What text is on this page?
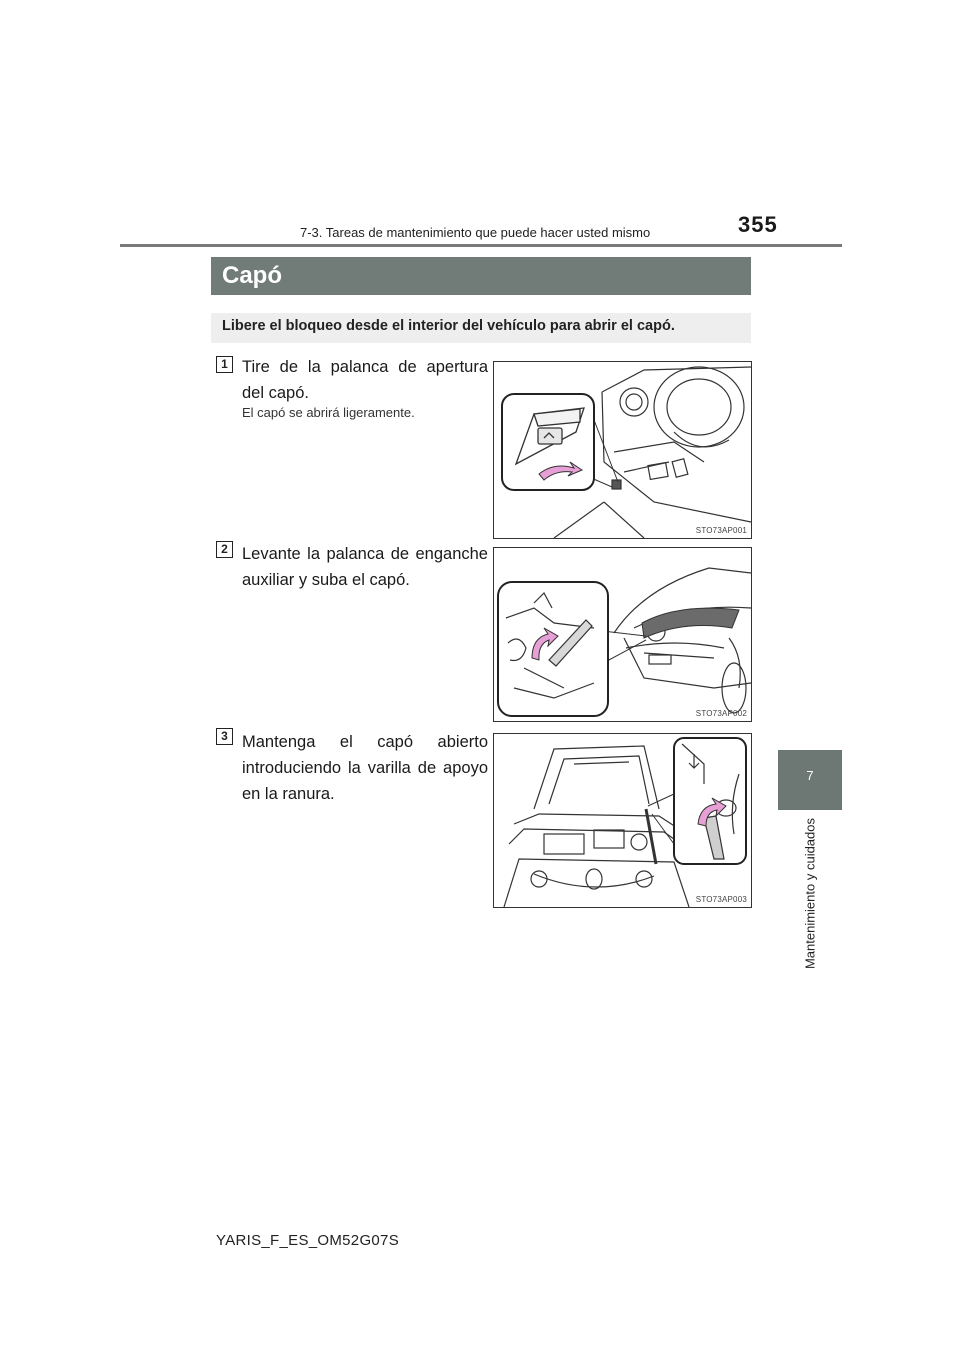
7-3. Tareas de mantenimiento que puede hacer usted mismo	355
7
Mantenimiento y cuidados
Capó
Libere el bloqueo desde el interior del vehículo para abrir el capó.
1 Tire de la palanca de apertura del capó.
El capó se abrirá ligeramente.
STO73AP001
2 Levante la palanca de enganche auxiliar y suba el capó.
STO73AP002
3 Mantenga el capó abierto introduciendo la varilla de apoyo en la ranura.
STO73AP003
YARIS_F_ES_OM52G07S
